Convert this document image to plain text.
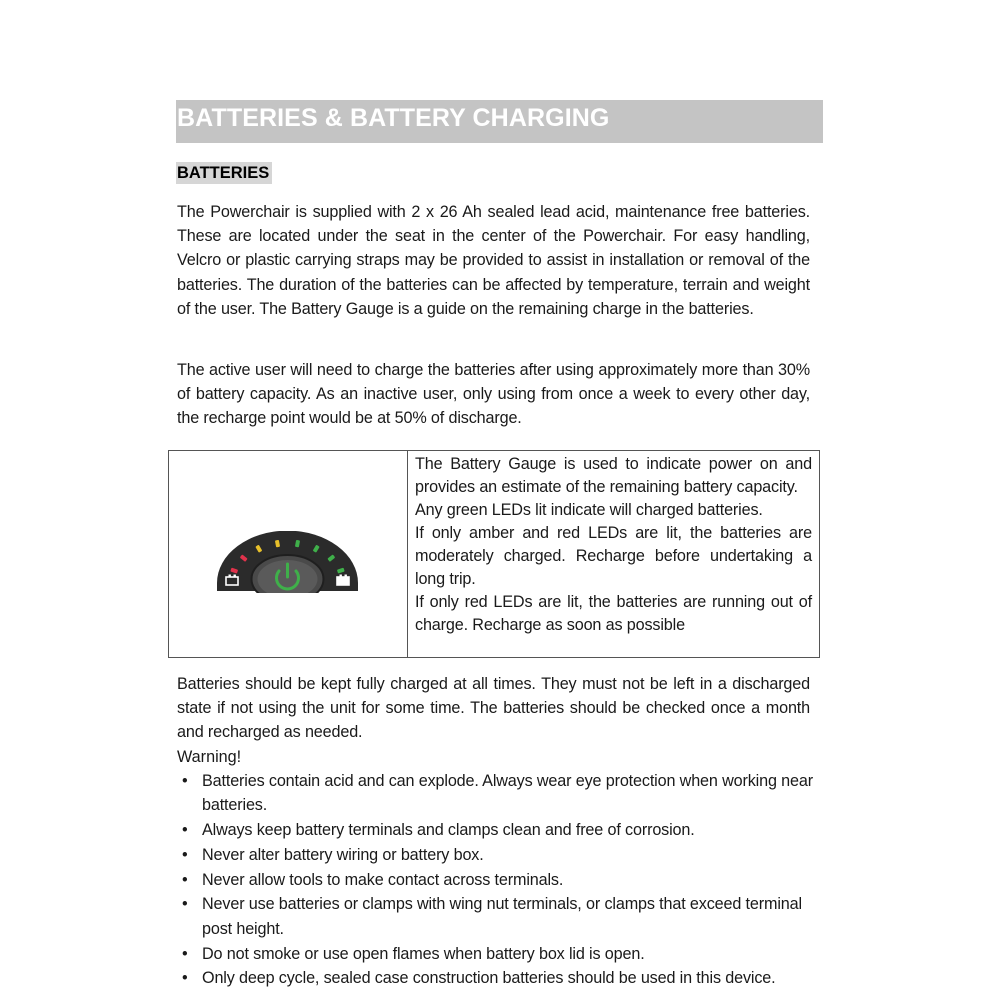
BATTERIES & BATTERY CHARGING
BATTERIES

The Powerchair is supplied with 2 x 26 Ah sealed lead acid, maintenance free batteries. These are located under the seat in the center of the Powerchair. For easy handling, Velcro or plastic carrying straps may be provided to assist in installation or removal of the batteries. The duration of the batteries can be affected by temperature, terrain and weight of the user. The Battery Gauge is a guide on the remaining charge in the batteries.

The active user will need to charge the batteries after using approximately more than 30% of battery capacity. As an inactive user, only using from once a week to every other day, the recharge point would be at 50% of discharge.

The Battery Gauge is used to indicate power on and provides an estimate of the remaining battery capacity.

Any green LEDs lit indicate will charged batteries.

If only amber and red LEDs are lit, the batteries are moderately charged. Recharge before undertaking a long trip.

If only red LEDs are lit, the batteries are running out of charge. Recharge as soon as possible

Batteries should be kept fully charged at all times. They must not be left in a discharged state if not using the unit for some time. The batteries should be checked once a month and recharged as needed.

Warning!
• Batteries contain acid and can explode. Always wear eye protection when working near batteries.
• Always keep battery terminals and clamps clean and free of corrosion.
• Never alter battery wiring or battery box.
• Never allow tools to make contact across terminals.
• Never use batteries or clamps with wing nut terminals, or clamps that exceed terminal post height.
• Do not smoke or use open flames when battery box lid is open.
• Only deep cycle, sealed case construction batteries should be used in this device.
